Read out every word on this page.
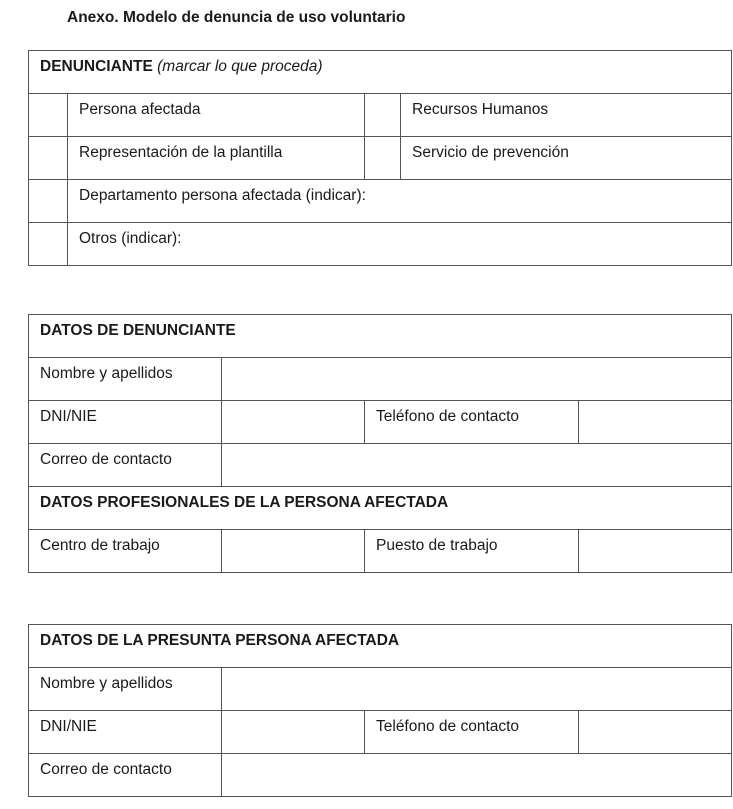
Anexo. Modelo de denuncia de uso voluntario
DENUNCIANTE (marcar lo que proceda)			
	Persona afectada		Recursos Humanos
	Representación de la plantilla		Servicio de prevención
	Departamento persona afectada (indicar):		
	Otros (indicar):		
DATOS DE DENUNCIANTE			
Nombre y apellidos			
DNI/NIE		Teléfono de contacto	
Correo de contacto			
DATOS PROFESIONALES DE LA PERSONA AFECTADA			
Centro de trabajo		Puesto de trabajo	
DATOS DE LA PRESUNTA PERSONA AFECTADA			
Nombre y apellidos			
DNI/NIE		Teléfono de contacto	
Correo de contacto			
